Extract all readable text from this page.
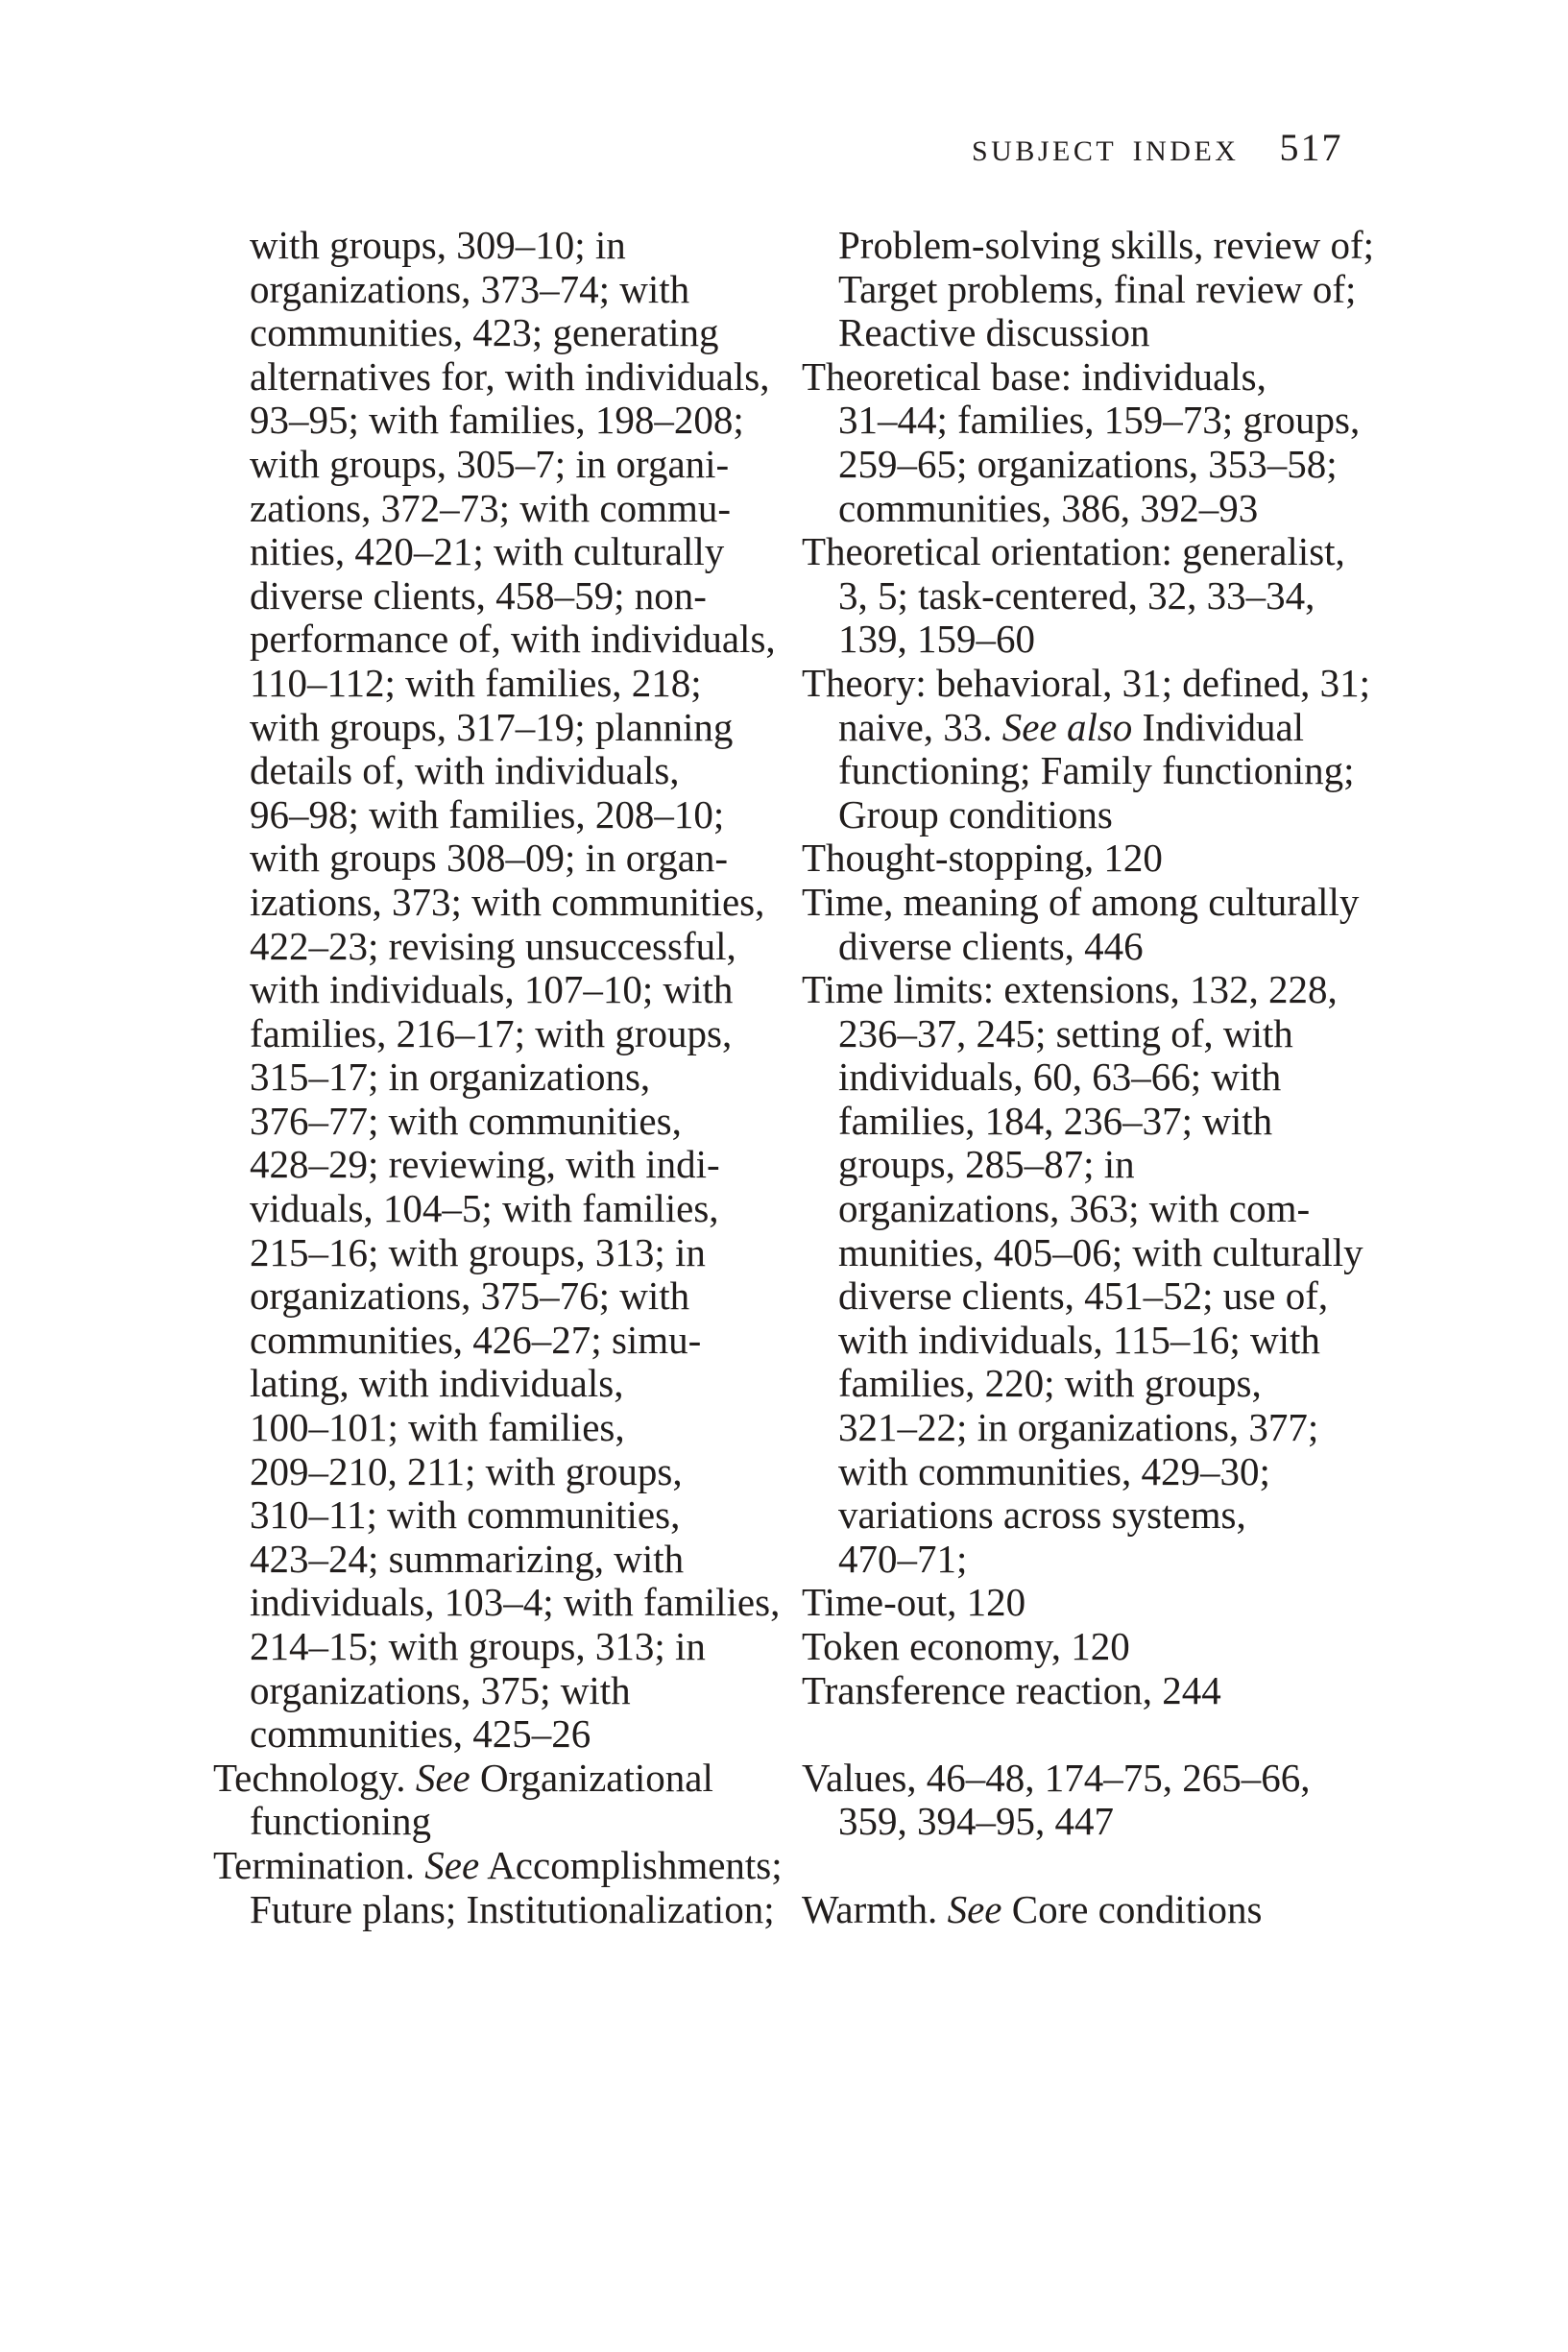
SUBJECT INDEX 517
with groups, 309–10; in
organizations, 373–74; with
communities, 423; generating
alternatives for, with individuals,
93–95; with families, 198–208;
with groups, 305–7; in organi-
zations, 372–73; with commu-
nities, 420–21; with culturally
diverse clients, 458–59; non-
performance of, with individuals,
110–112; with families, 218;
with groups, 317–19; planning
details of, with individuals,
96–98; with families, 208–10;
with groups 308–09; in organ-
izations, 373; with communities,
422–23; revising unsuccessful,
with individuals, 107–10; with
families, 216–17; with groups,
315–17; in organizations,
376–77; with communities,
428–29; reviewing, with indi-
viduals, 104–5; with families,
215–16; with groups, 313; in
organizations, 375–76; with
communities, 426–27; simu-
lating, with individuals,
100–101; with families,
209–210, 211; with groups,
310–11; with communities,
423–24; summarizing, with
individuals, 103–4; with families,
214–15; with groups, 313; in
organizations, 375; with
communities, 425–26
Technology. See Organizational
functioning
Termination. See Accomplishments;
Future plans; Institutionalization;
Problem-solving skills, review of;
Target problems, final review of;
Reactive discussion
Theoretical base: individuals,
31–44; families, 159–73; groups,
259–65; organizations, 353–58;
communities, 386, 392–93
Theoretical orientation: generalist,
3, 5; task-centered, 32, 33–34,
139, 159–60
Theory: behavioral, 31; defined, 31;
naive, 33. See also Individual
functioning; Family functioning;
Group conditions
Thought-stopping, 120
Time, meaning of among culturally
diverse clients, 446
Time limits: extensions, 132, 228,
236–37, 245; setting of, with
individuals, 60, 63–66; with
families, 184, 236–37; with
groups, 285–87; in
organizations, 363; with com-
munities, 405–06; with culturally
diverse clients, 451–52; use of,
with individuals, 115–16; with
families, 220; with groups,
321–22; in organizations, 377;
with communities, 429–30;
variations across systems,
470–71;
Time-out, 120
Token economy, 120
Transference reaction, 244

Values, 46–48, 174–75, 265–66,
359, 394–95, 447

Warmth. See Core conditions
